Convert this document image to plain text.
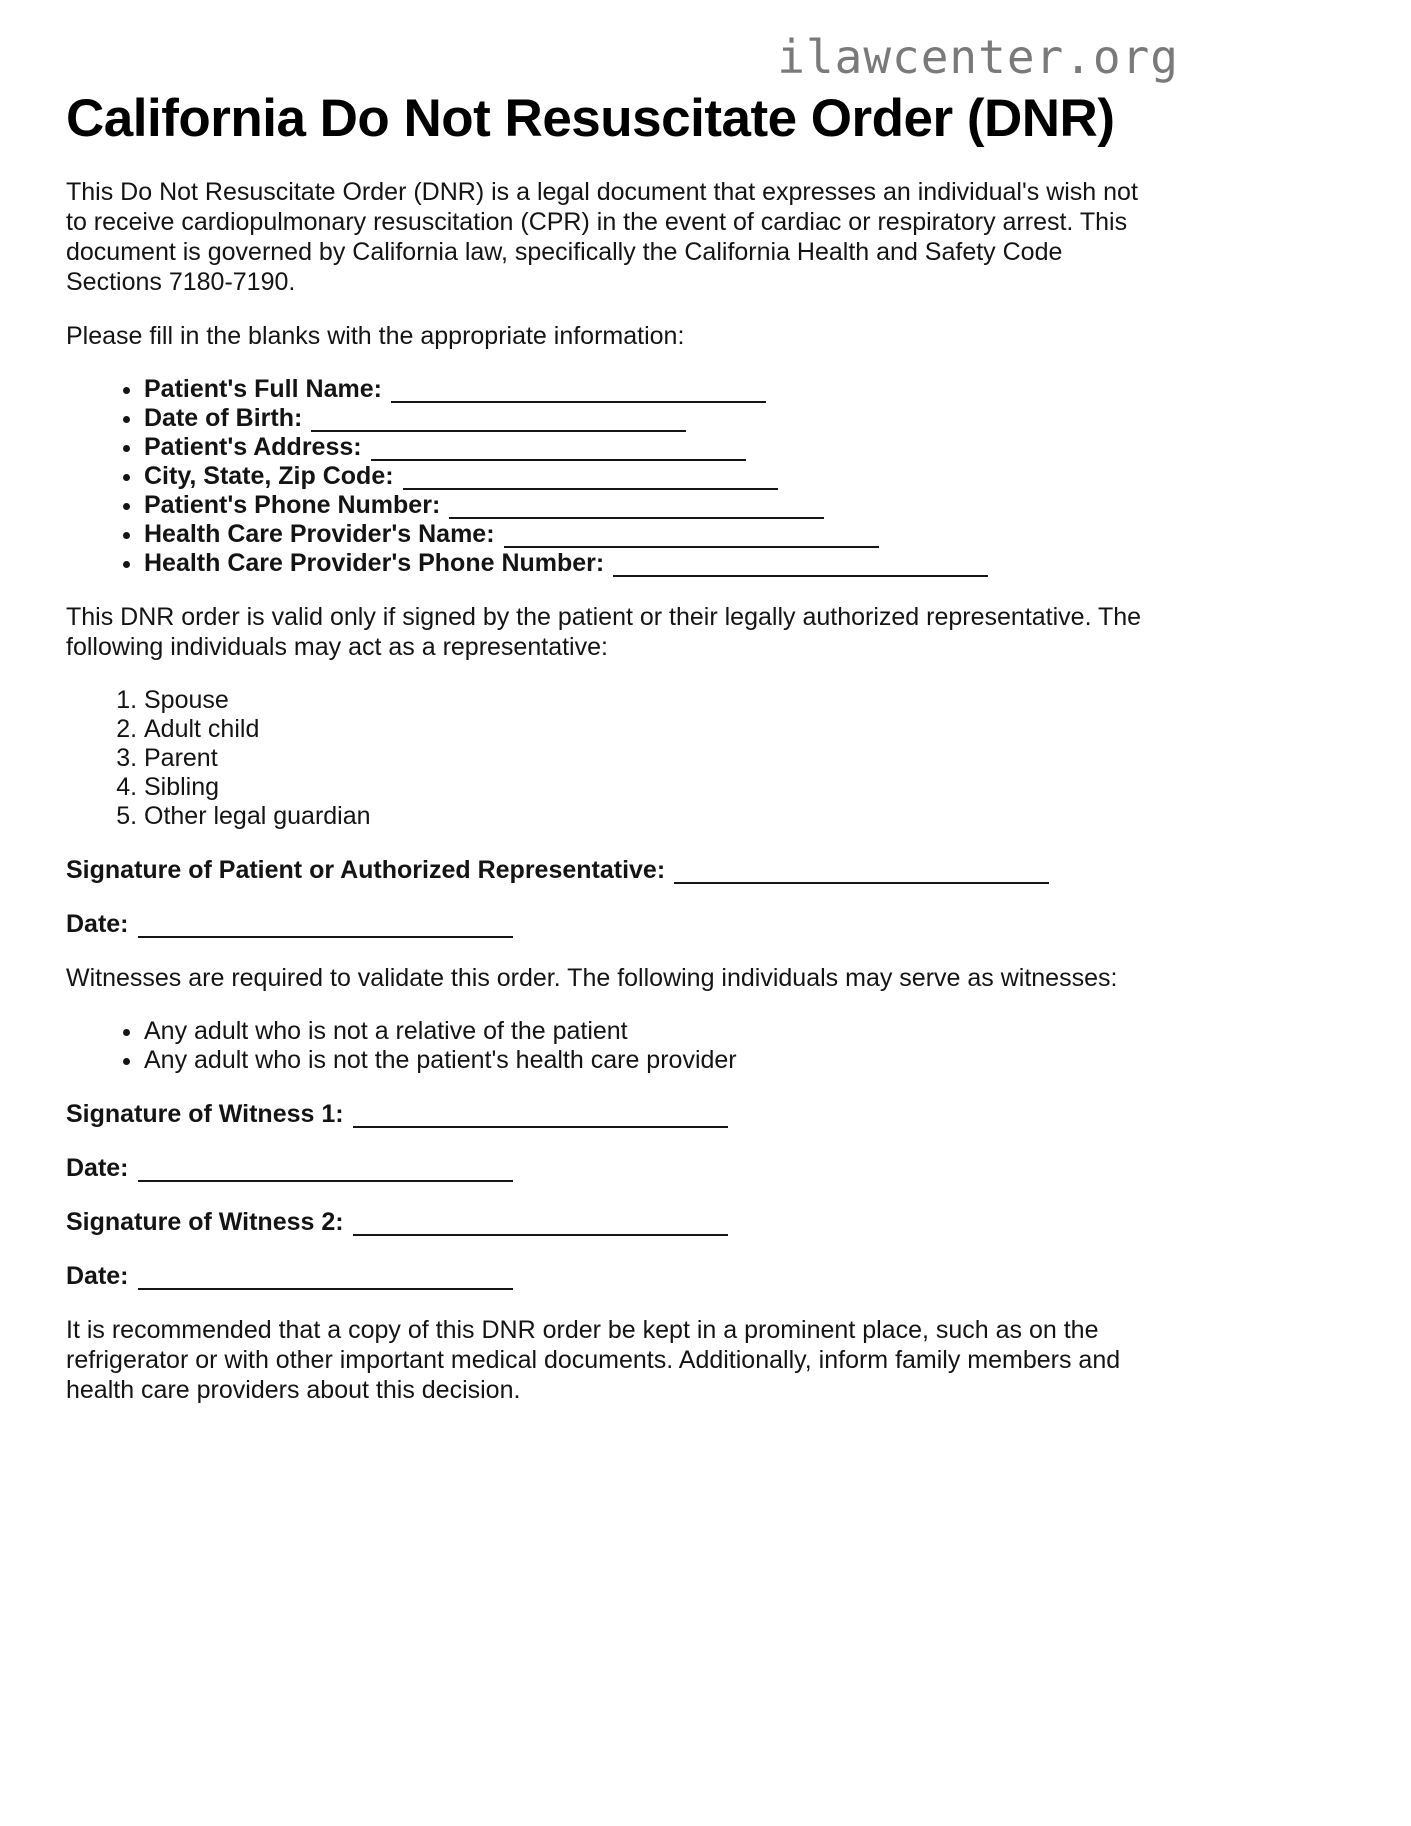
ilawcenter.org
California Do Not Resuscitate Order (DNR)

This Do Not Resuscitate Order (DNR) is a legal document that expresses an individual's wish not to receive cardiopulmonary resuscitation (CPR) in the event of cardiac or respiratory arrest. This document is governed by California law, specifically the California Health and Safety Code Sections 7180-7190.

Please fill in the blanks with the appropriate information:

• Patient's Full Name:
• Date of Birth:
• Patient's Address:
• City, State, Zip Code:
• Patient's Phone Number:
• Health Care Provider's Name:
• Health Care Provider's Phone Number:

This DNR order is valid only if signed by the patient or their legally authorized representative. The following individuals may act as a representative:

1. Spouse
2. Adult child
3. Parent
4. Sibling
5. Other legal guardian

Signature of Patient or Authorized Representative:

Date:

Witnesses are required to validate this order. The following individuals may serve as witnesses:

• Any adult who is not a relative of the patient
• Any adult who is not the patient's health care provider

Signature of Witness 1:

Date:

Signature of Witness 2:

Date:

It is recommended that a copy of this DNR order be kept in a prominent place, such as on the refrigerator or with other important medical documents. Additionally, inform family members and health care providers about this decision.
